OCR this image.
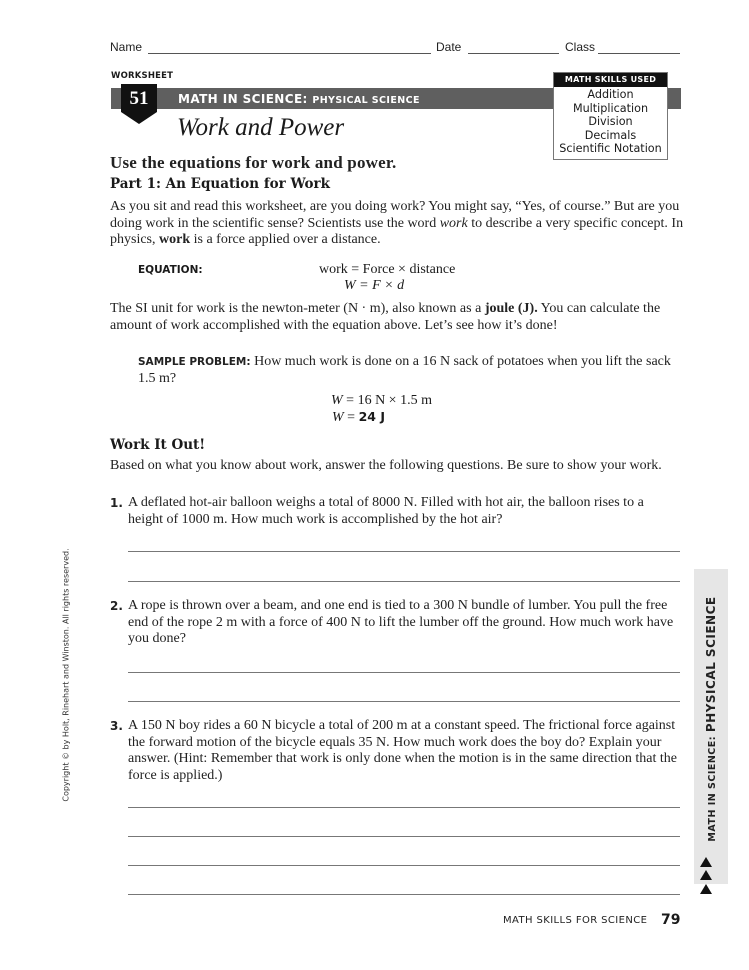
Name	Date	Class
WORKSHEET
51	MATH IN SCIENCE: PHYSICAL SCIENCE
Work and Power
MATH SKILLS USED
Addition
Multiplication
Division
Decimals
Scientific Notation
Use the equations for work and power.
Part 1: An Equation for Work
As you sit and read this worksheet, are you doing work? You might say, “Yes, of course.” But are you doing work in the scientific sense? Scientists use the word work to describe a very specific concept. In physics, work is a force applied over a distance.
EQUATION:	work = Force × distance
W = F × d
The SI unit for work is the newton-meter (N · m), also known as a joule (J). You can calculate the amount of work accomplished with the equation above. Let’s see how it’s done!
SAMPLE PROBLEM: How much work is done on a 16 N sack of potatoes when you lift the sack 1.5 m?
W = 16 N × 1.5 m
W = 24 J
Work It Out!
Based on what you know about work, answer the following questions. Be sure to show your work.
1. A deflated hot-air balloon weighs a total of 8000 N. Filled with hot air, the balloon rises to a height of 1000 m. How much work is accomplished by the hot air?
2. A rope is thrown over a beam, and one end is tied to a 300 N bundle of lumber. You pull the free end of the rope 2 m with a force of 400 N to lift the lumber off the ground. How much work have you done?
3. A 150 N boy rides a 60 N bicycle a total of 200 m at a constant speed. The frictional force against the forward motion of the bicycle equals 35 N. How much work does the boy do? Explain your answer. (Hint: Remember that work is only done when the motion is in the same direction that the force is applied.)	MATH IN SCIENCE: PHYSICAL SCIENCE
Copyright © by Holt, Rinehart and Winston. All rights reserved.
MATH SKILLS FOR SCIENCE 79
